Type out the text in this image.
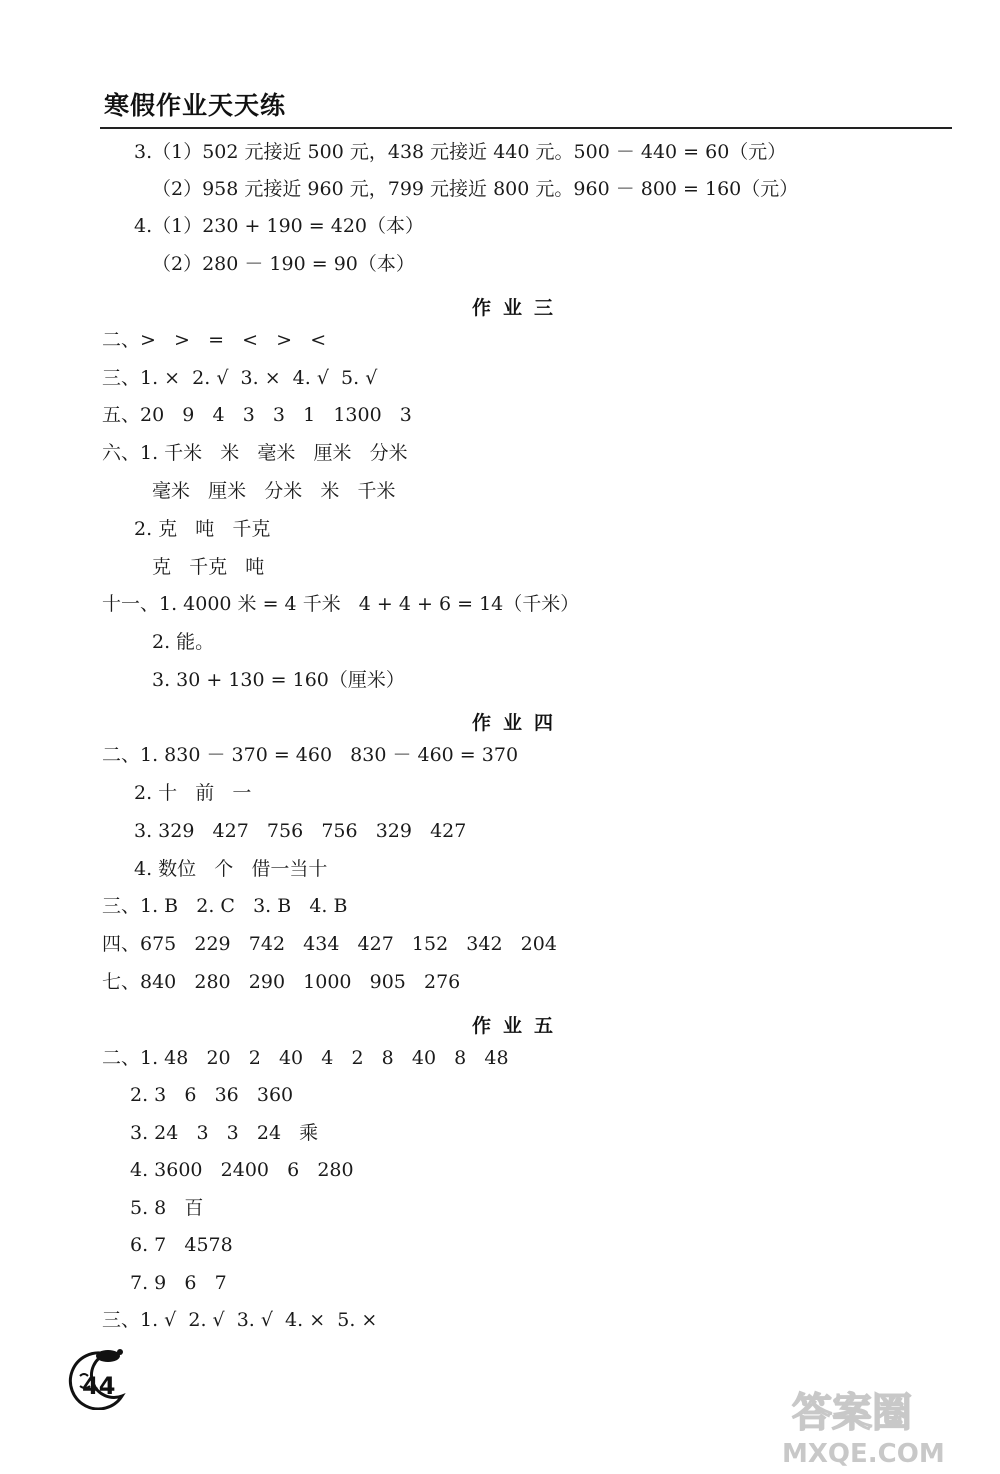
寒假作业天天练
3.（1）502 元接近 500 元，438 元接近 440 元。500 － 440 = 60（元）
（2）958 元接近 960 元，799 元接近 800 元。960 － 800 = 160（元）
4.（1）230 + 190 = 420（本）
（2）280 － 190 = 90（本）
作业三
二、>   >   =   <   >   <
三、1. ×  2. √  3. ×  4. √  5. √
五、20   9   4   3   3   1   1300   3
六、1. 千米   米   毫米   厘米   分米
毫米   厘米   分米   米   千米
2. 克   吨   千克
克   千克   吨
十一、1. 4000 米 = 4 千米   4 + 4 + 6 = 14（千米）
2. 能。
3. 30 + 130 = 160（厘米）
作业四
二、1. 830 － 370 = 460   830 － 460 = 370
2. 十   前   一
3. 329   427   756   756   329   427
4. 数位   个   借一当十
三、1. B   2. C   3. B   4. B
四、675   229   742   434   427   152   342   204
七、840   280   290   1000   905   276
作业五
二、1. 48   20   2   40   4   2   8   40   8   48
2. 3   6   36   360
3. 24   3   3   24   乘
4. 3600   2400   6   280
5. 8   百
6. 7   4578
7. 9   6   7
三、1. √  2. √  3. √  4. ×  5. ×
44
答案圈
MXQE.COM
